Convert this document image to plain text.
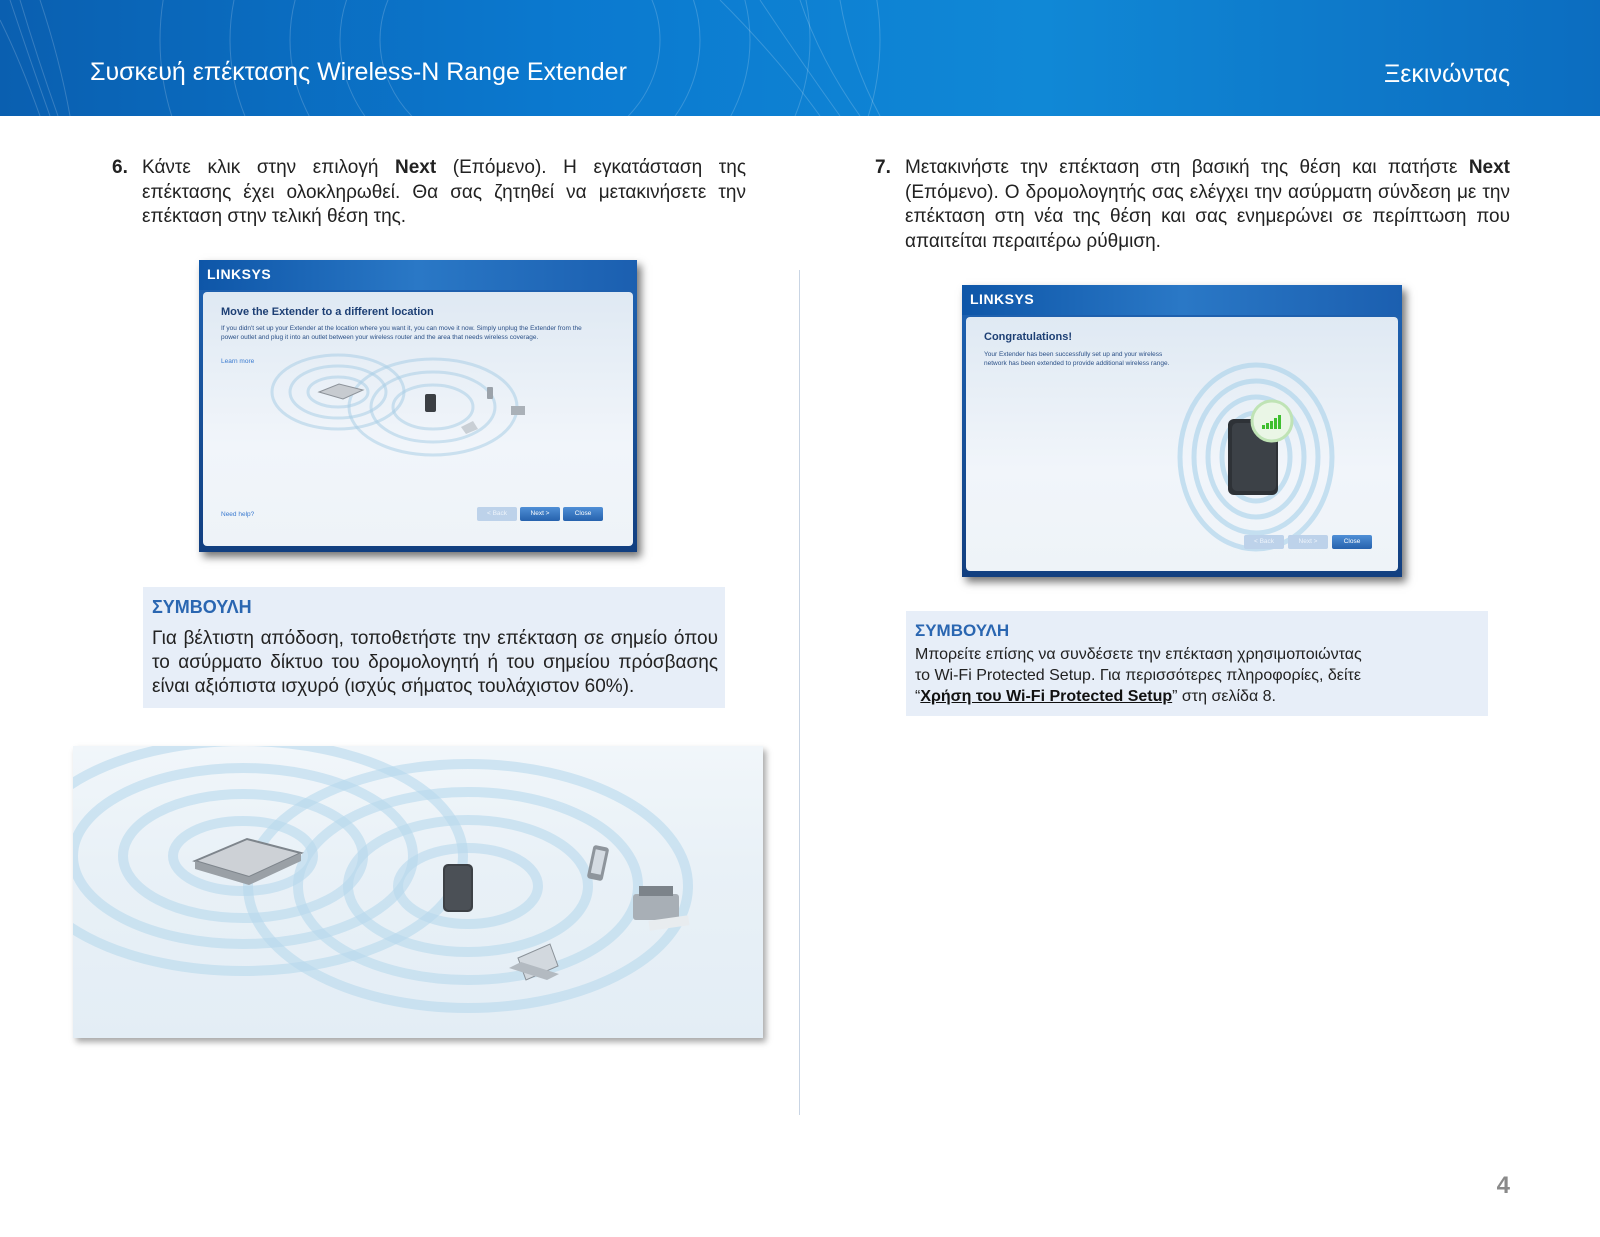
Συσκευή επέκτασης Wireless-N Range Extender	Ξεκινώντας
6. Κάντε κλικ στην επιλογή Next (Επόμενο). Η εγκατάσταση της επέκτασης έχει ολοκληρωθεί. Θα σας ζητηθεί να μετακινήσετε την επέκταση στην τελική θέση της.
LINKSYS
Move the Extender to a different location
If you didn't set up your Extender at the location where you want it, you can move it now. Simply unplug the Extender from the power outlet and plug it into an outlet between your wireless router and the area that needs wireless coverage.
Learn more
Need help?	< Back	Next >	Close
ΣΥΜΒΟΥΛΗ
Για βέλτιστη απόδοση, τοποθετήστε την επέκταση σε σημείο όπου το ασύρματο δίκτυο του δρομολογητή ή του σημείου πρόσβασης είναι αξιόπιστα ισχυρό (ισχύς σήματος τουλάχιστον 60%).
7. Μετακινήστε την επέκταση στη βασική της θέση και πατήστε Next (Επόμενο). Ο δρομολογητής σας ελέγχει την ασύρματη σύνδεση με την επέκταση στη νέα της θέση και σας ενημερώνει σε περίπτωση που απαιτείται περαιτέρω ρύθμιση.
LINKSYS
Congratulations!
Your Extender has been successfully set up and your wireless network has been extended to provide additional wireless range.
< Back	Next >	Close
ΣΥΜΒΟΥΛΗ
Μπορείτε επίσης να συνδέσετε την επέκταση χρησιμοποιώντας
το Wi-Fi Protected Setup. Για περισσότερες πληροφορίες, δείτε
“Χρήση του Wi-Fi Protected Setup” στη σελίδα 8.
4
